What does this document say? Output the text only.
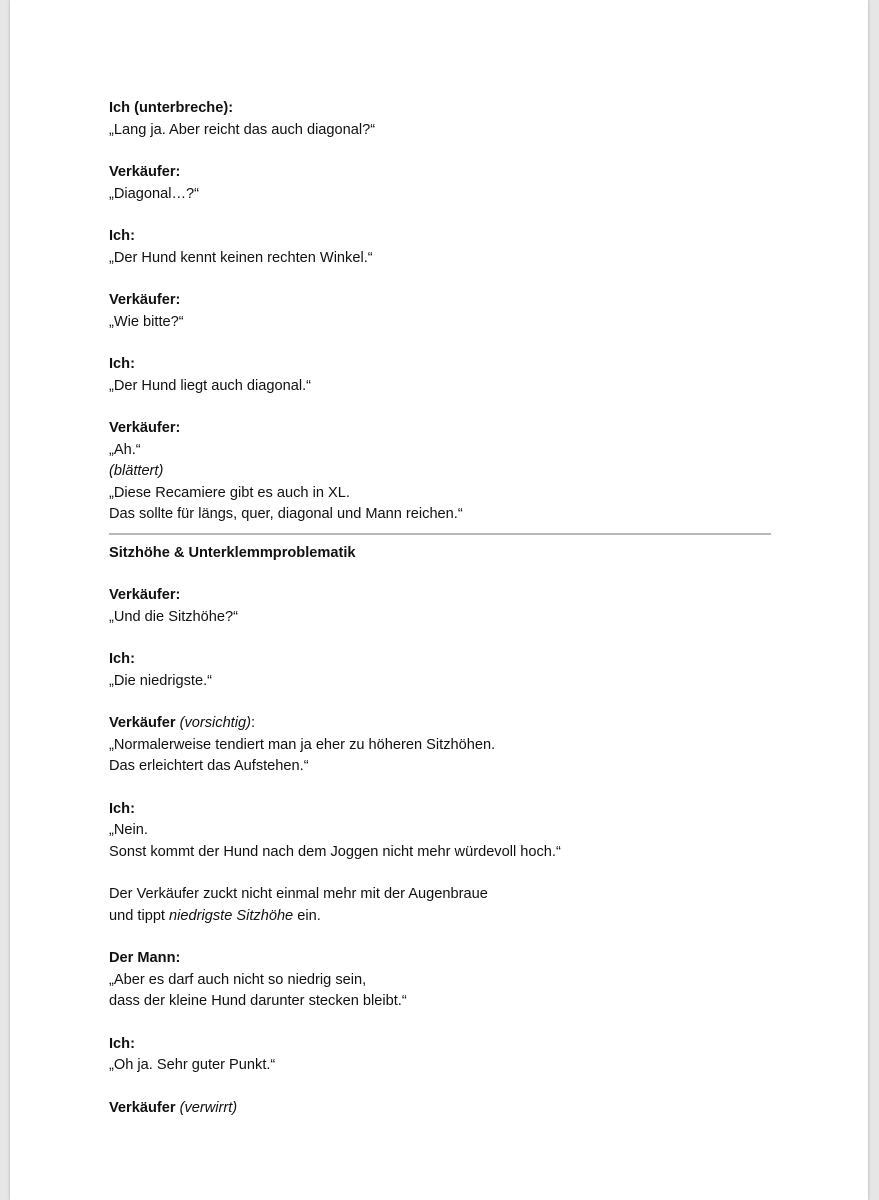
Ich (unterbreche):
„Lang ja. Aber reicht das auch diagonal?“
Verkäufer:
„Diagonal…?“
Ich:
„Der Hund kennt keinen rechten Winkel.“
Verkäufer:
„Wie bitte?“
Ich:
„Der Hund liegt auch diagonal.“
Verkäufer:
„Ah.“
(blättert)
„Diese Recamiere gibt es auch in XL.
Das sollte für längs, quer, diagonal und Mann reichen.“
Sitzhöhe & Unterklemmproblematik
Verkäufer:
„Und die Sitzhöhe?“
Ich:
„Die niedrigste.“
Verkäufer (vorsichtig):
„Normalerweise tendiert man ja eher zu höheren Sitzhöhen.
Das erleichtert das Aufstehen.“
Ich:
„Nein.
Sonst kommt der Hund nach dem Joggen nicht mehr würdevoll hoch.“
Der Verkäufer zuckt nicht einmal mehr mit der Augenbraue
und tippt niedrigste Sitzhöhe ein.
Der Mann:
„Aber es darf auch nicht so niedrig sein,
dass der kleine Hund darunter stecken bleibt.“
Ich:
„Oh ja. Sehr guter Punkt.“
Verkäufer (verwirrt)
